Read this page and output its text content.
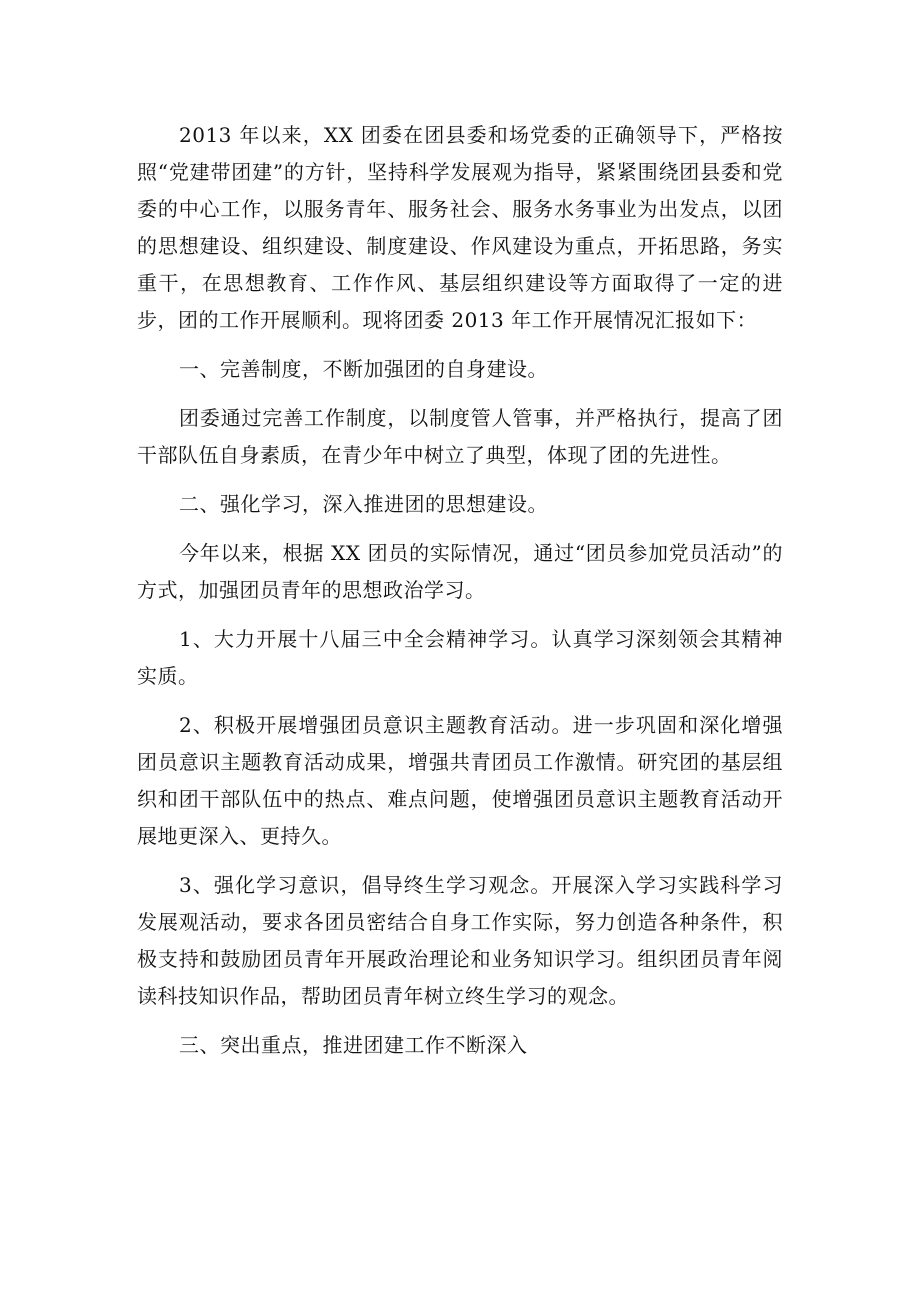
2013 年以来，XX 团委在团县委和场党委的正确领导下，严格按照“党建带团建”的方针，坚持科学发展观为指导，紧紧围绕团县委和党委的中心工作，以服务青年、服务社会、服务水务事业为出发点，以团的思想建设、组织建设、制度建设、作风建设为重点，开拓思路，务实重干，在思想教育、工作作风、基层组织建设等方面取得了一定的进步，团的工作开展顺利。现将团委 2013 年工作开展情况汇报如下：

一、完善制度，不断加强团的自身建设。

团委通过完善工作制度，以制度管人管事，并严格执行，提高了团干部队伍自身素质，在青少年中树立了典型，体现了团的先进性。

二、强化学习，深入推进团的思想建设。

今年以来，根据 XX 团员的实际情况，通过“团员参加党员活动”的方式，加强团员青年的思想政治学习。

1、大力开展十八届三中全会精神学习。认真学习深刻领会其精神实质。

2、积极开展增强团员意识主题教育活动。进一步巩固和深化增强团员意识主题教育活动成果，增强共青团员工作激情。研究团的基层组织和团干部队伍中的热点、难点问题，使增强团员意识主题教育活动开展地更深入、更持久。

3、强化学习意识，倡导终生学习观念。开展深入学习实践科学习发展观活动，要求各团员密结合自身工作实际，努力创造各种条件，积极支持和鼓励团员青年开展政治理论和业务知识学习。组织团员青年阅读科技知识作品，帮助团员青年树立终生学习的观念。

三、突出重点，推进团建工作不断深入
